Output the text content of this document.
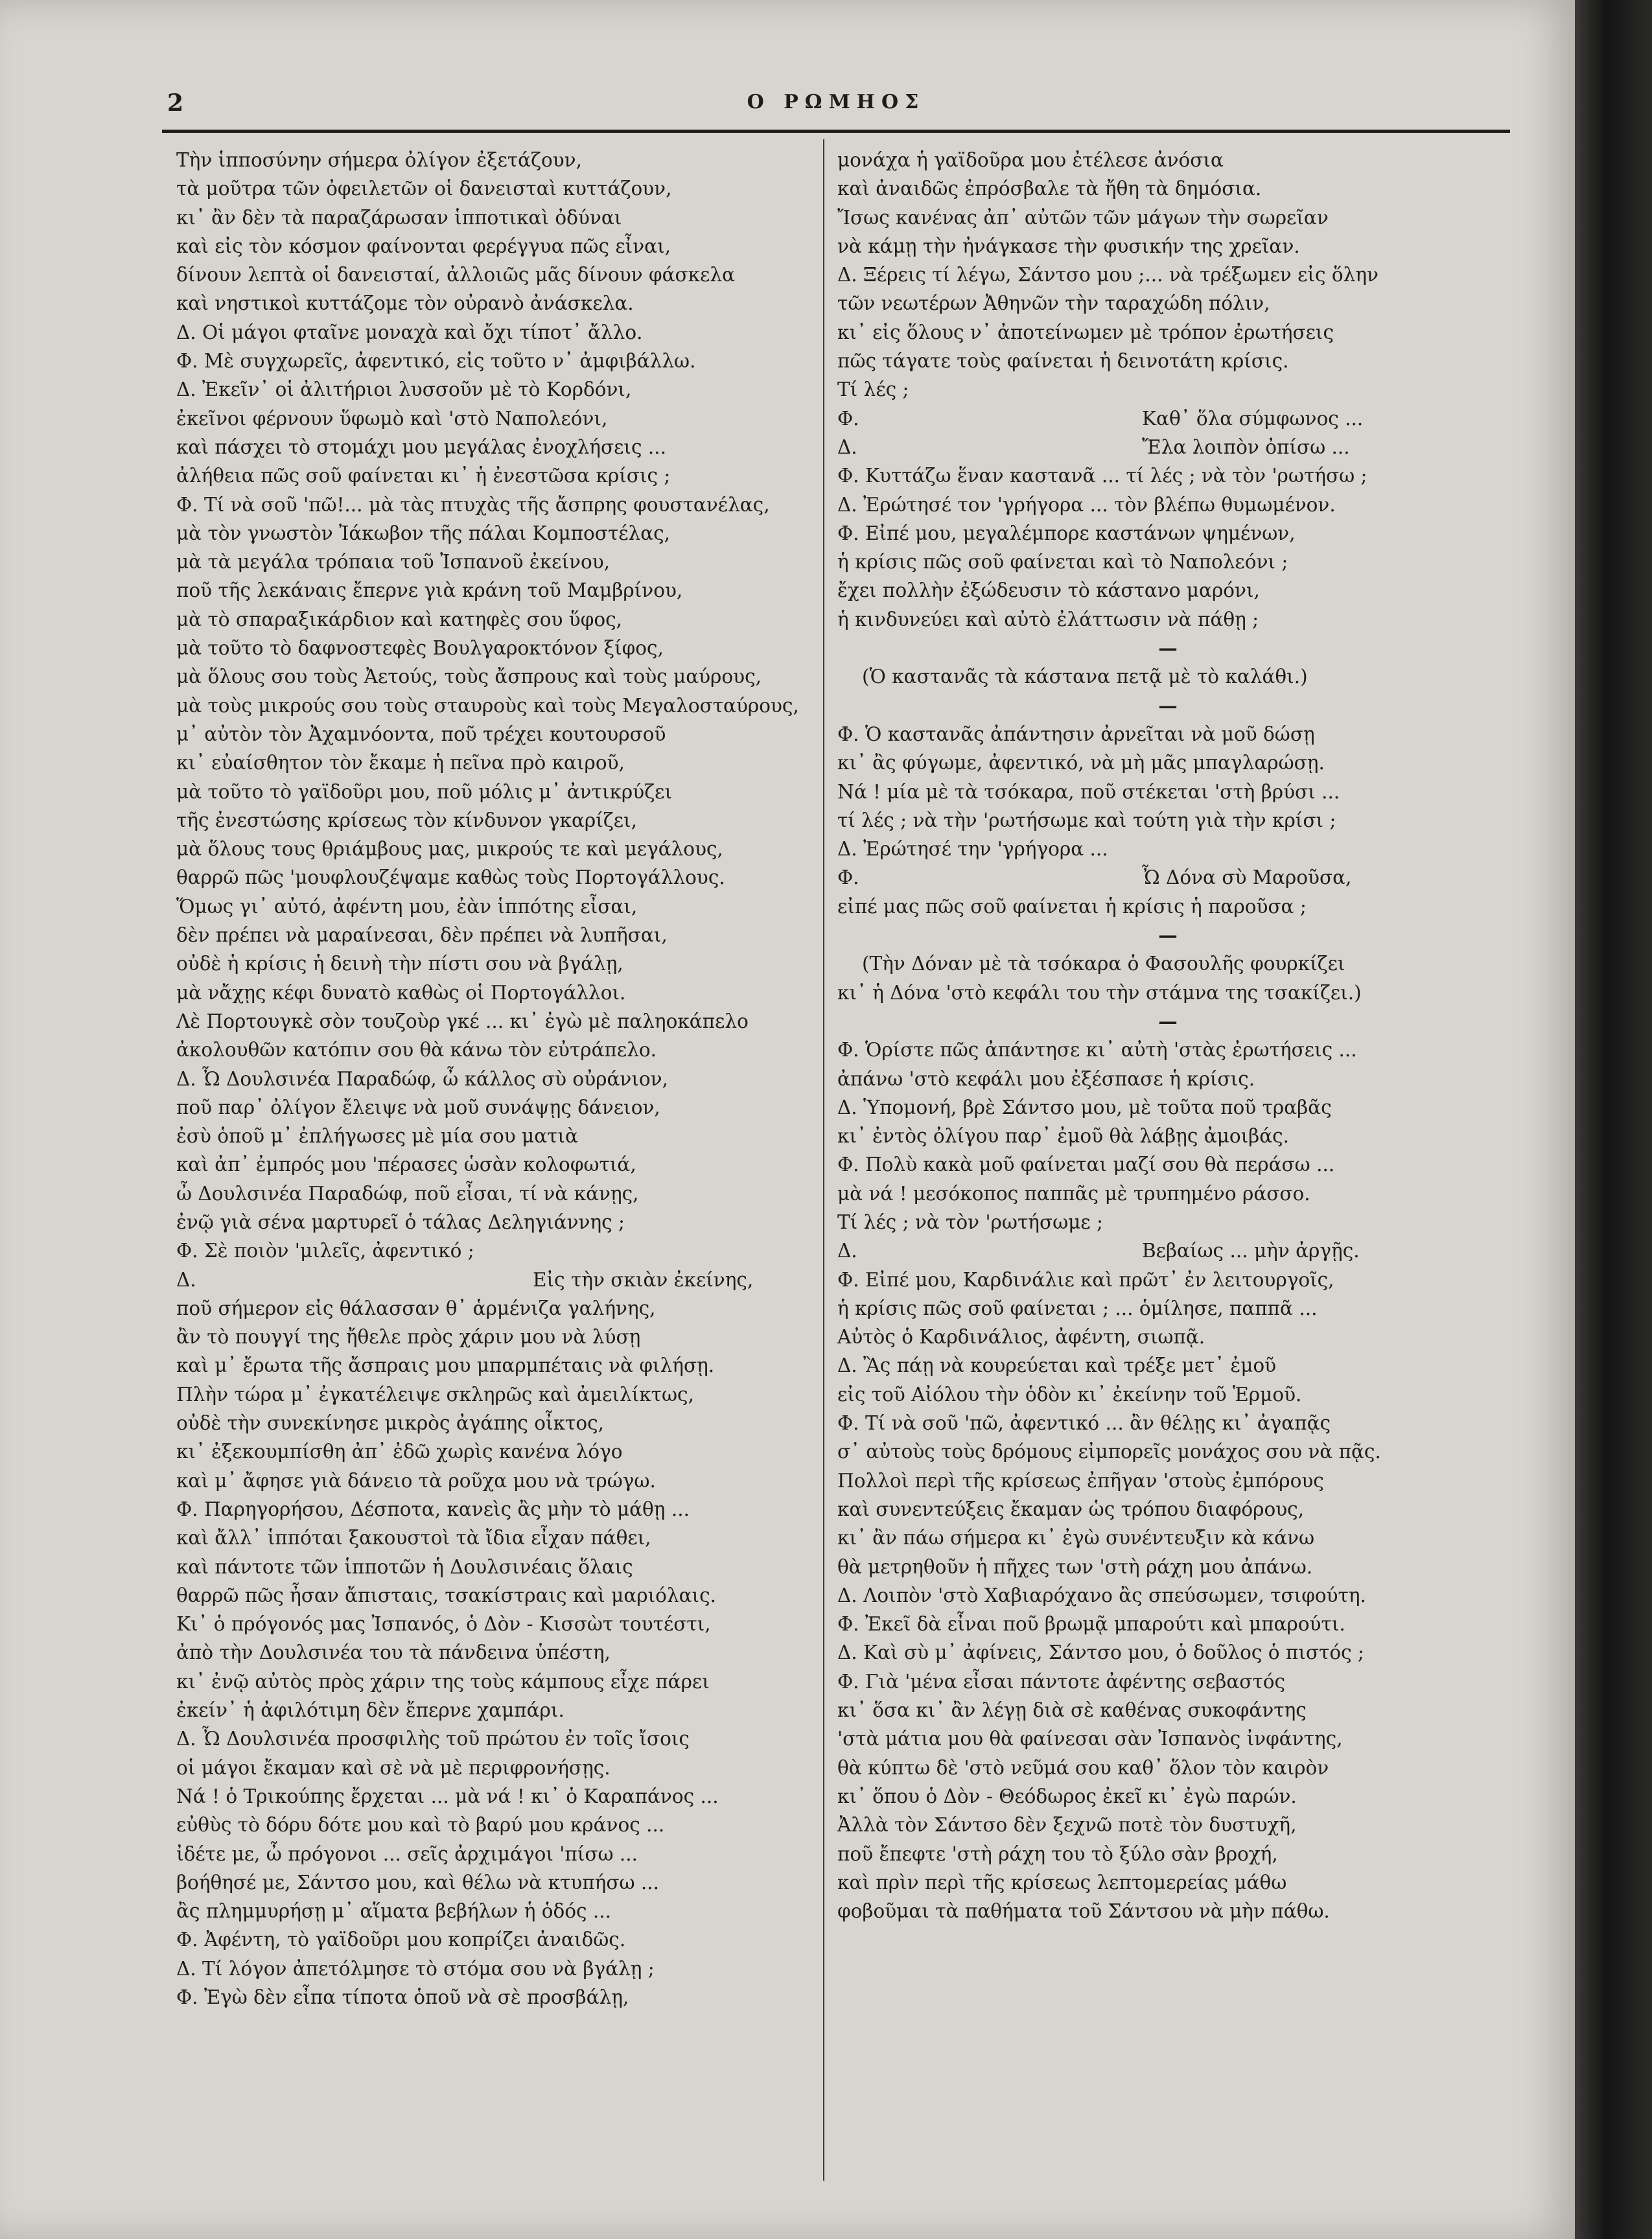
2	Ο ΡΩΜΗΟΣ
Τὴν ἱπποσύνην σήμερα ὀλίγον ἐξετάζουν,
τὰ μοῦτρα τῶν ὀφειλετῶν οἱ δανεισταὶ κυττάζουν,
κι᾽ ἂν δὲν τὰ παραζάρωσαν ἱπποτικαὶ ὀδύναι
καὶ εἰς τὸν κόσμον φαίνονται φερέγγυα πῶς εἶναι,
δίνουν λεπτὰ οἱ δανεισταί, ἀλλοιῶς μᾶς δίνουν φάσκελα
καὶ νηστικοὶ κυττάζομε τὸν οὐρανὸ ἀνάσκελα.
Δ. Οἱ μάγοι φταῖνε μοναχὰ καὶ ὄχι τίποτ᾽ ἄλλο.
Φ. Μὲ συγχωρεῖς, ἀφεντικό, εἰς τοῦτο ν᾽ ἀμφιβάλλω.
Δ. Ἐκεῖν᾽ οἱ ἀλιτήριοι λυσσοῦν μὲ τὸ Κορδόνι,
ἐκεῖνοι φέρνουν ὕφωμὸ καὶ 'στὸ Ναπολεόνι,
καὶ πάσχει τὸ στομάχι μου μεγάλας ἐνοχλήσεις ...
ἀλήθεια πῶς σοῦ φαίνεται κι᾽ ἡ ἐνεστῶσα κρίσις ;
Φ. Τί νὰ σοῦ 'πῶ!... μὰ τὰς πτυχὰς τῆς ἄσπρης φουστανέλας,
μὰ τὸν γνωστὸν Ἰάκωβον τῆς πάλαι Κομποστέλας,
μὰ τὰ μεγάλα τρόπαια τοῦ Ἰσπανοῦ ἐκείνου,
ποῦ τῆς λεκάναις ἔπερνε γιὰ κράνη τοῦ Μαμβρίνου,
μὰ τὸ σπαραξικάρδιον καὶ κατηφὲς σου ὕφος,
μὰ τοῦτο τὸ δαφνοστεφὲς Βουλγαροκτόνον ξίφος,
μὰ ὅλους σου τοὺς Ἀετούς, τοὺς ἄσπρους καὶ τοὺς μαύρους,
μὰ τοὺς μικρούς σου τοὺς σταυροὺς καὶ τοὺς Μεγαλοσταύρους,
μ᾽ αὐτὸν τὸν Ἀχαμνόοντα, ποῦ τρέχει κουτουρσοῦ
κι᾽ εὐαίσθητον τὸν ἔκαμε ἡ πεῖνα πρὸ καιροῦ,
μὰ τοῦτο τὸ γαϊδοῦρι μου, ποῦ μόλις μ᾽ ἀντικρύζει
τῆς ἐνεστώσης κρίσεως τὸν κίνδυνον γκαρίζει,
μὰ ὅλους τους θριάμβους μας, μικρούς τε καὶ μεγάλους,
θαρρῶ πῶς 'μουφλουζέψαμε καθὼς τοὺς Πορτογάλλους.
Ὅμως γι᾽ αὐτό, ἀφέντη μου, ἐὰν ἱππότης εἶσαι,
δὲν πρέπει νὰ μαραίνεσαι, δὲν πρέπει νὰ λυπῆσαι,
οὐδὲ ἡ κρίσις ἡ δεινὴ τὴν πίστι σου νὰ βγάλῃ,
μὰ νἄχῃς κέφι δυνατὸ καθὼς οἱ Πορτογάλλοι.
Λὲ Πορτουγκὲ σὸν τουζοὺρ γκέ ... κι᾽ ἐγὼ μὲ παληοκάπελο
ἀκολουθῶν κατόπιν σου θὰ κάνω τὸν εὐτράπελο.
Δ. Ὦ Δουλσινέα Παραδώφ, ὦ κάλλος σὺ οὐράνιον,
ποῦ παρ᾽ ὀλίγον ἔλειψε νὰ μοῦ συνάψῃς δάνειον,
ἐσὺ ὁποῦ μ᾽ ἐπλήγωσες μὲ μία σου ματιὰ
καὶ ἀπ᾽ ἐμπρός μου 'πέρασες ὡσὰν κολοφωτιά,
ὦ Δουλσινέα Παραδώφ, ποῦ εἶσαι, τί νὰ κάνῃς,
ἐνῷ γιὰ σένα μαρτυρεῖ ὁ τάλας Δεληγιάννης ;
Φ. Σὲ ποιὸν 'μιλεῖς, ἀφεντικό ;
Δ.	Εἰς τὴν σκιὰν ἐκείνης,
ποῦ σήμερον εἰς θάλασσαν θ᾽ ἁρμένιζα γαλήνης,
ἂν τὸ πουγγί της ἤθελε πρὸς χάριν μου νὰ λύσῃ
καὶ μ᾽ ἔρωτα τῆς ἄσπραις μου μπαρμπέταις νὰ φιλήσῃ.
Πλὴν τώρα μ᾽ ἐγκατέλειψε σκληρῶς καὶ ἀμειλίκτως,
οὐδὲ τὴν συνεκίνησε μικρὸς ἀγάπης οἶκτος,
κι᾽ ἐξεκουμπίσθη ἀπ᾽ ἐδῶ χωρὶς κανένα λόγο
καὶ μ᾽ ἄφησε γιὰ δάνειο τὰ ροῦχα μου νὰ τρώγω.
Φ. Παρηγορήσου, Δέσποτα, κανεὶς ἂς μὴν τὸ μάθῃ ...
καὶ ἄλλ᾽ ἱππόται ξακουστοὶ τὰ ἴδια εἶχαν πάθει,
καὶ πάντοτε τῶν ἱπποτῶν ἡ Δουλσινέαις ὅλαις
θαρρῶ πῶς ἦσαν ἄπισταις, τσακίστραις καὶ μαριόλαις.
Κι᾽ ὁ πρόγονός μας Ἰσπανός, ὁ Δὸν - Κισσὼτ τουτέστι,
ἀπὸ τὴν Δουλσινέα του τὰ πάνδεινα ὑπέστη,
κι᾽ ἐνῷ αὐτὸς πρὸς χάριν της τοὺς κάμπους εἶχε πάρει
ἐκείν᾽ ἡ ἀφιλότιμη δὲν ἔπερνε χαμπάρι.
Δ. Ὦ Δουλσινέα προσφιλὴς τοῦ πρώτου ἐν τοῖς ἴσοις
οἱ μάγοι ἔκαμαν καὶ σὲ νὰ μὲ περιφρονήσῃς.
Νά ! ὁ Τρικούπης ἔρχεται ... μὰ νά ! κι᾽ ὁ Καραπάνος ...
εὐθὺς τὸ δόρυ δότε μου καὶ τὸ βαρύ μου κράνος ...
ἰδέτε με, ὦ πρόγονοι ... σεῖς ἀρχιμάγοι 'πίσω ...
βοήθησέ με, Σάντσο μου, καὶ θέλω νὰ κτυπήσω ...
ἂς πλημμυρήσῃ μ᾽ αἵματα βεβήλων ἡ ὁδός ...
Φ. Ἀφέντη, τὸ γαϊδοῦρι μου κοπρίζει ἀναιδῶς.
Δ. Τί λόγον ἀπετόλμησε τὸ στόμα σου νὰ βγάλῃ ;
Φ. Ἐγὼ δὲν εἶπα τίποτα ὁποῦ νὰ σὲ προσβάλῃ,
μονάχα ἡ γαϊδοῦρα μου ἐτέλεσε ἀνόσια
καὶ ἀναιδῶς ἐπρόσβαλε τὰ ἤθη τὰ δημόσια.
Ἴσως κανένας ἀπ᾽ αὐτῶν τῶν μάγων τὴν σωρεῖαν
νὰ κάμῃ τὴν ἠνάγκασε τὴν φυσικήν της χρεῖαν.
Δ. Ξέρεις τί λέγω, Σάντσο μου ;... νὰ τρέξωμεν εἰς ὅλην
τῶν νεωτέρων Ἀθηνῶν τὴν ταραχώδη πόλιν,
κι᾽ εἰς ὅλους ν᾽ ἀποτείνωμεν μὲ τρόπον ἐρωτήσεις
πῶς τάγατε τοὺς φαίνεται ἡ δεινοτάτη κρίσις.
Τί λές ;
Φ.	Καθ᾽ ὅλα σύμφωνος ...
Δ.	Ἔλα λοιπὸν ὀπίσω ...
Φ. Κυττάζω ἕναν καστανᾶ ... τί λές ; νὰ τὸν 'ρωτήσω ;
Δ. Ἐρώτησέ τον 'γρήγορα ... τὸν βλέπω θυμωμένον.
Φ. Εἰπέ μου, μεγαλέμπορε καστάνων ψημένων,
ἡ κρίσις πῶς σοῦ φαίνεται καὶ τὸ Ναπολεόνι ;
ἔχει πολλὴν ἐξώδευσιν τὸ κάστανο μαρόνι,
ἡ κινδυνεύει καὶ αὐτὸ ἐλάττωσιν νὰ πάθῃ ;
—
(Ὁ καστανᾶς τὰ κάστανα πετᾷ μὲ τὸ καλάθι.)
—
Φ. Ὁ καστανᾶς ἀπάντησιν ἀρνεῖται νὰ μοῦ δώσῃ
κι᾽ ἂς φύγωμε, ἀφεντικό, νὰ μὴ μᾶς μπαγλαρώσῃ.
Νά ! μία μὲ τὰ τσόκαρα, ποῦ στέκεται 'στὴ βρύσι ...
τί λές ; νὰ τὴν 'ρωτήσωμε καὶ τούτη γιὰ τὴν κρίσι ;
Δ. Ἐρώτησέ την 'γρήγορα ...
Φ.	Ὦ Δόνα σὺ Μαροῦσα,
εἰπέ μας πῶς σοῦ φαίνεται ἡ κρίσις ἡ παροῦσα ;
—
(Τὴν Δόναν μὲ τὰ τσόκαρα ὁ Φασουλῆς φουρκίζει
κι᾽ ἡ Δόνα 'στὸ κεφάλι του τὴν στάμνα της τσακίζει.)
—
Φ. Ὁρίστε πῶς ἀπάντησε κι᾽ αὐτὴ 'στὰς ἐρωτήσεις ...
ἀπάνω 'στὸ κεφάλι μου ἐξέσπασε ἡ κρίσις.
Δ. Ὑπομονή, βρὲ Σάντσο μου, μὲ τοῦτα ποῦ τραβᾶς
κι᾽ ἐντὸς ὀλίγου παρ᾽ ἐμοῦ θὰ λάβῃς ἀμοιβάς.
Φ. Πολὺ κακὰ μοῦ φαίνεται μαζί σου θὰ περάσω ...
μὰ νά ! μεσόκοπος παππᾶς μὲ τρυπημένο ράσσο.
Τί λές ; νὰ τὸν 'ρωτήσωμε ;
Δ.	Βεβαίως ... μὴν ἀργῇς.
Φ. Εἰπέ μου, Καρδινάλιε καὶ πρῶτ᾽ ἐν λειτουργοῖς,
ἡ κρίσις πῶς σοῦ φαίνεται ; ... ὁμίλησε, παππᾶ ...
Αὐτὸς ὁ Καρδινάλιος, ἀφέντη, σιωπᾷ.
Δ. Ἂς πάῃ νὰ κουρεύεται καὶ τρέξε μετ᾽ ἐμοῦ
εἰς τοῦ Αἰόλου τὴν ὁδὸν κι᾽ ἐκείνην τοῦ Ἑρμοῦ.
Φ. Τί νὰ σοῦ 'πῶ, ἀφεντικό ... ἂν θέλῃς κι᾽ ἀγαπᾷς
σ᾽ αὐτοὺς τοὺς δρόμους εἰμπορεῖς μονάχος σου νὰ πᾷς.
Πολλοὶ περὶ τῆς κρίσεως ἐπῆγαν 'στοὺς ἐμπόρους
καὶ συνεντεύξεις ἔκαμαν ὡς τρόπου διαφόρους,
κι᾽ ἂν πάω σήμερα κι᾽ ἐγὼ συνέντευξιν κὰ κάνω
θὰ μετρηθοῦν ἡ πῆχες των 'στὴ ράχη μου ἀπάνω.
Δ. Λοιπὸν 'στὸ Χαβιαρόχανο ἂς σπεύσωμεν, τσιφούτη.
Φ. Ἐκεῖ δὰ εἶναι ποῦ βρωμᾷ μπαρούτι καὶ μπαρούτι.
Δ. Καὶ σὺ μ᾽ ἀφίνεις, Σάντσο μου, ὁ δοῦλος ὁ πιστός ;
Φ. Γιὰ 'μένα εἶσαι πάντοτε ἀφέντης σεβαστός
κι᾽ ὅσα κι᾽ ἂν λέγῃ διὰ σὲ καθένας συκοφάντης
'στὰ μάτια μου θὰ φαίνεσαι σὰν Ἰσπανὸς ἰνφάντης,
θὰ κύπτω δὲ 'στὸ νεῦμά σου καθ᾽ ὅλον τὸν καιρὸν
κι᾽ ὅπου ὁ Δὸν - Θεόδωρος ἐκεῖ κι᾽ ἐγὼ παρών.
Ἀλλὰ τὸν Σάντσο δὲν ξεχνῶ ποτὲ τὸν δυστυχῆ,
ποῦ ἔπεφτε 'στὴ ράχη του τὸ ξύλο σὰν βροχή,
καὶ πρὶν περὶ τῆς κρίσεως λεπτομερείας μάθω
φοβοῦμαι τὰ παθήματα τοῦ Σάντσου νὰ μὴν πάθω.
